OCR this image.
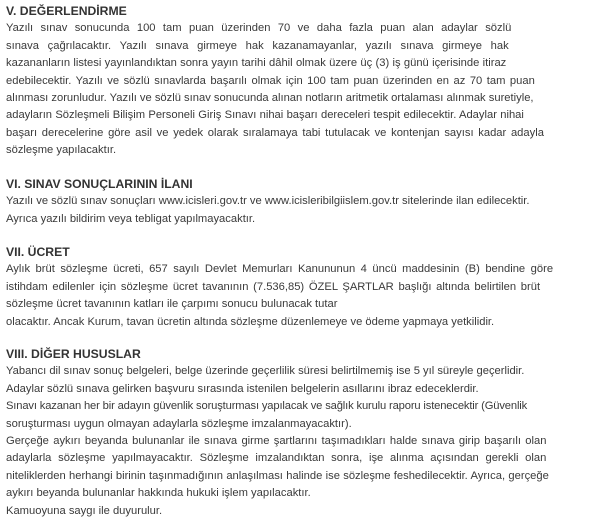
V. DEĞERLENDİRME

Yazılı sınav sonucunda 100 tam puan üzerinden 70 ve daha fazla puan alan adaylar sözlü

sınava çağrılacaktır. Yazılı sınava girmeye hak kazanamayanlar, yazılı sınava girmeye hak

kazananların listesi yayınlandıktan sonra yayın tarihi dâhil olmak üzere üç (3) iş günü içerisinde itiraz

edebilecektir. Yazılı ve sözlü sınavlarda başarılı olmak için 100 tam puan üzerinden en az 70 tam puan

alınması zorunludur. Yazılı ve sözlü sınav sonucunda alınan notların aritmetik ortalaması alınmak suretiyle,

adayların Sözleşmeli Bilişim Personeli Giriş Sınavı nihai başarı dereceleri tespit edilecektir. Adaylar nihai

başarı derecelerine göre asil ve yedek olarak sıralamaya tabi tutulacak ve kontenjan sayısı kadar adayla

sözleşme yapılacaktır.

VI. SINAV SONUÇLARININ İLANI

Yazılı ve sözlü sınav sonuçları www.icisleri.gov.tr ve www.icisleribilgiislem.gov.tr sitelerinde ilan edilecektir.

Ayrıca yazılı bildirim veya tebligat yapılmayacaktır.

VII. ÜCRET

Aylık brüt sözleşme ücreti, 657 sayılı Devlet Memurları Kanununun 4 üncü maddesinin (B) bendine göre

istihdam edilenler için sözleşme ücret tavanının (7.536,85) ÖZEL ŞARTLAR başlığı altında belirtilen brüt

sözleşme ücret tavanının katları ile çarpımı sonucu bulunacak tutar

olacaktır. Ancak Kurum, tavan ücretin altında sözleşme düzenlemeye ve ödeme yapmaya yetkilidir.

VIII. DİĞER HUSUSLAR

Yabancı dil sınav sonuç belgeleri, belge üzerinde geçerlilik süresi belirtilmemiş ise 5 yıl süreyle geçerlidir.

Adaylar sözlü sınava gelirken başvuru sırasında istenilen belgelerin asıllarını ibraz edeceklerdir.

Sınavı kazanan her bir adayın güvenlik soruşturması yapılacak ve sağlık kurulu raporu istenecektir (Güvenlik

soruşturması uygun olmayan adaylarla sözleşme imzalanmayacaktır).

Gerçeğe aykırı beyanda bulunanlar ile sınava girme şartlarını taşımadıkları halde sınava girip başarılı olan

adaylarla sözleşme yapılmayacaktır. Sözleşme imzalandıktan sonra, işe alınma açısından gerekli olan

niteliklerden herhangi birinin taşınmadığının anlaşılması halinde ise sözleşme feshedilecektir. Ayrıca, gerçeğe

aykırı beyanda bulunanlar hakkında hukuki işlem yapılacaktır.

Kamuoyuna saygı ile duyurulur.
